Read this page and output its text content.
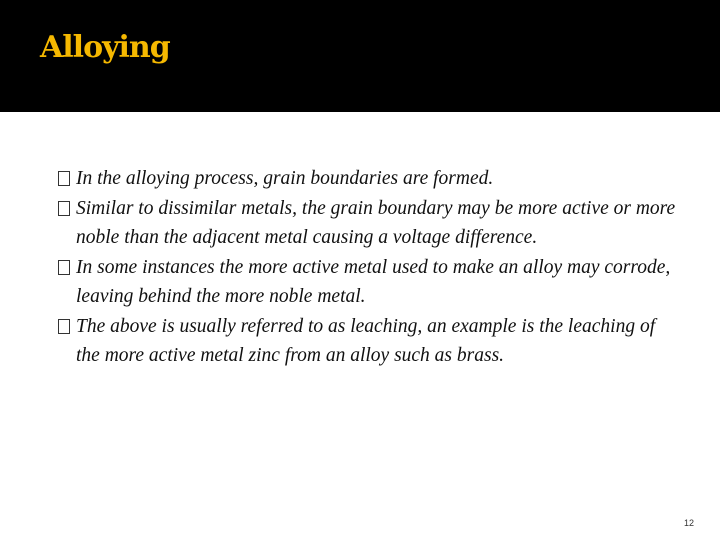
Alloying
In the alloying process, grain boundaries are formed.
Similar to dissimilar metals, the grain boundary may be more active or more noble than the adjacent metal causing a voltage difference.
In some instances the more active metal used to make an alloy may corrode, leaving behind the more noble metal.
The above is usually referred to as leaching, an example is the leaching of the more active metal zinc from an alloy such as brass.
12
